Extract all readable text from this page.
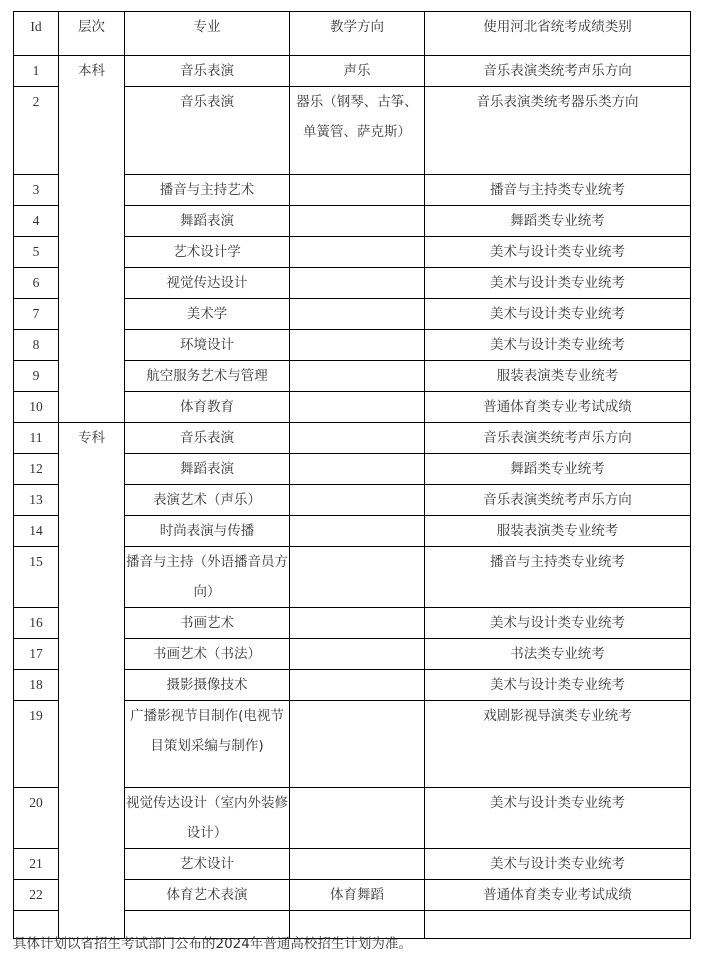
Id	层次	专业	教学方向	使用河北省统考成绩类别
1	本科	音乐表演	声乐	音乐表演类统考声乐方向
2		音乐表演	器乐（钢琴、古筝、单簧管、萨克斯）	音乐表演类统考器乐类方向
3		播音与主持艺术		播音与主持类专业统考
4		舞蹈表演		舞蹈类专业统考
5		艺术设计学		美术与设计类专业统考
6		视觉传达设计		美术与设计类专业统考
7		美术学		美术与设计类专业统考
8		环境设计		美术与设计类专业统考
9		航空服务艺术与管理		服装表演类专业统考
10		体育教育		普通体育类专业考试成绩
11	专科	音乐表演		音乐表演类统考声乐方向
12		舞蹈表演		舞蹈类专业统考
13		表演艺术（声乐）		音乐表演类统考声乐方向
14		时尚表演与传播		服装表演类专业统考
15		播音与主持（外语播音员方向）		播音与主持类专业统考
16		书画艺术		美术与设计类专业统考
17		书画艺术（书法）		书法类专业统考
18		摄影摄像技术		美术与设计类专业统考
19		广播影视节目制作(电视节目策划采编与制作)		戏剧影视导演类专业统考
20		视觉传达设计（室内外装修设计）		美术与设计类专业统考
21		艺术设计		美术与设计类专业统考
22		体育艺术表演	体育舞蹈	普通体育类专业考试成绩

具体计划以省招生考试部门公布的2024年普通高校招生计划为准。
